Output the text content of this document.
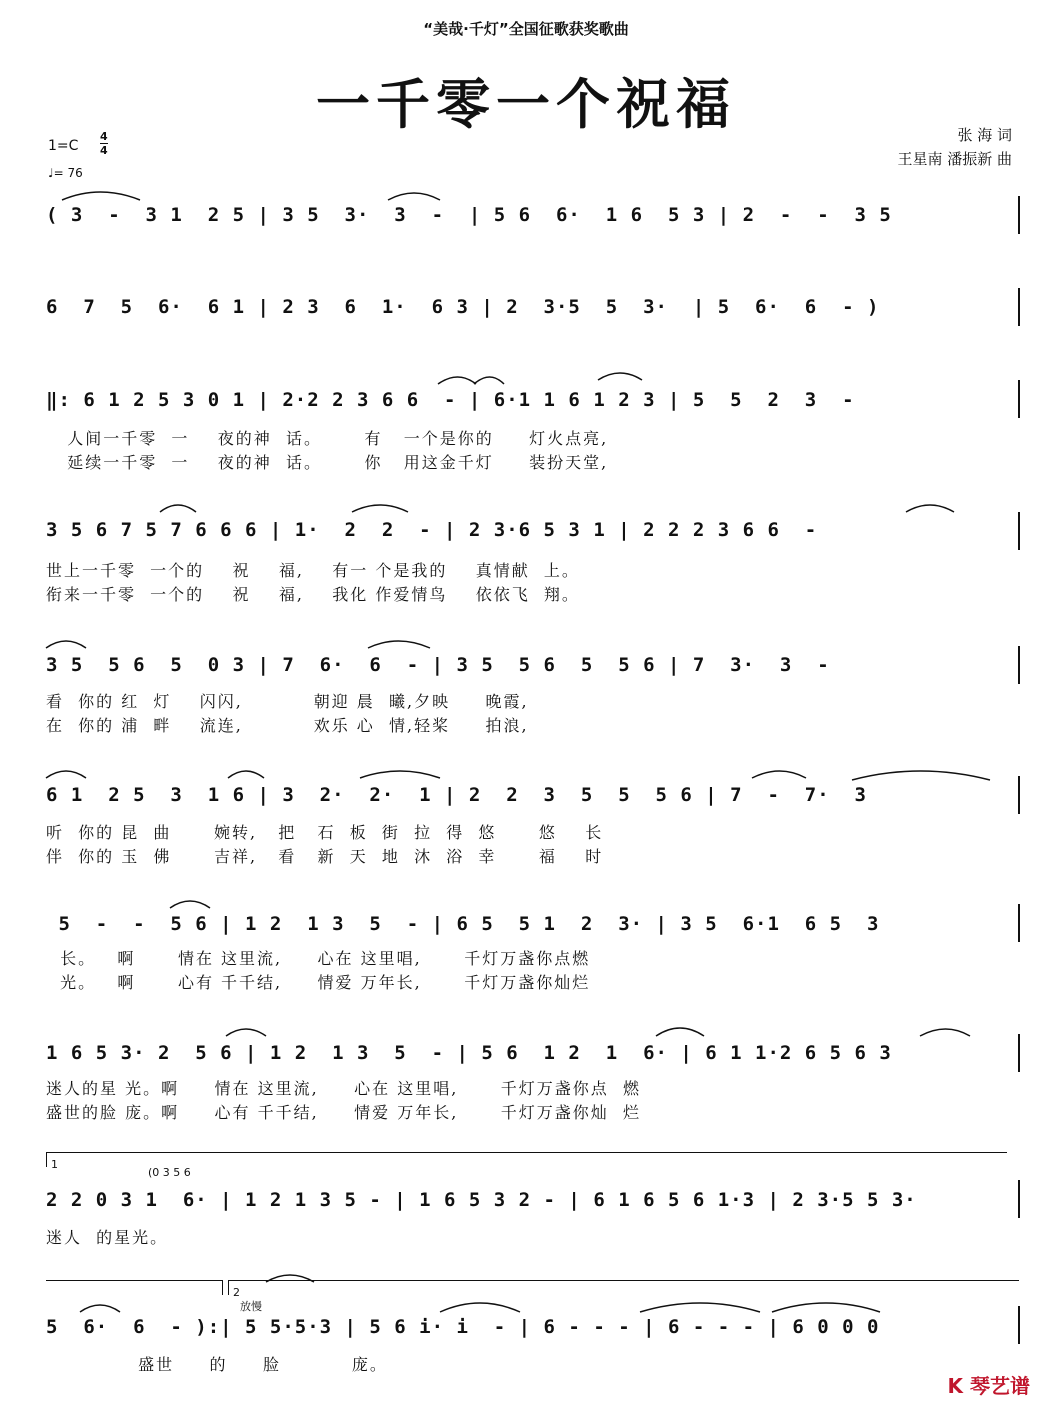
“美哉·千灯”全国征歌获奖歌曲
一千零一个祝福	张 海 词
王星南 潘振新 曲
$1=C \frac{4}{4}$
♩= 76
( 3  -  3 1  2 5 | 3 5  3·  3  -  | 5 6  6·  1 6  5 3 | 2  -  -  3 5
6  7  5  6·  6 1 | 2 3  6  1·  6 3 | 2  3·5  5  3·  | 5  6·  6  - )
‖: 6 1 2 5 3 0 1 | 2·2 2 3 6 6  - | 6·1 1 6 1 2 3 | 5  5  2  3  -
人间一千零  一    夜的神  话。      有   一个是你的     灯火点亮,
延续一千零  一    夜的神  话。      你   用这金千灯     装扮天堂,
3 5 6 7 5 7 6 6 6 | 1·  2  2  - | 2 3·6 5 3 1 | 2 2 2 3 6 6  -
世上一千零  一个的    祝    福,    有一 个是我的    真情献  上。
衔来一千零  一个的    祝    福,    我化 作爱情鸟    依依飞  翔。
3 5  5 6  5  0 3 | 7  6·  6  - | 3 5  5 6  5  5 6 | 7  3·  3  -
看  你的 红  灯    闪闪,          朝迎 晨  曦,夕映     晚霞,
在  你的 浦  畔    流连,          欢乐 心  情,轻桨     拍浪,
6 1  2 5  3  1 6 | 3  2·  2·  1 | 2  2  3  5  5  5 6 | 7  -  7·  3
听  你的 昆  曲      婉转,   把   石  板  街  拉  得  悠      悠    长
伴  你的 玉  佛      吉祥,   看   新  天  地  沐  浴  幸      福    时
5  -  -  5 6 | 1 2  1 3  5  - | 6 5  5 1  2  3· | 3 5  6·1  6 5  3
长。   啊      情在 这里流,     心在 这里唱,      千灯万盏你点燃
光。   啊      心有 千千结,     情爱 万年长,      千灯万盏你灿烂
1 6 5 3· 2  5 6 | 1 2  1 3  5  - | 5 6  1 2  1  6· | 6 1 1·2 6 5 6 3
迷人的星 光。啊     情在 这里流,     心在 这里唱,      千灯万盏你点  燃
盛世的脸 庞。啊     心有 千千结,     情爱 万年长,      千灯万盏你灿  烂
(0 3 5 6
2 2 0 3 1  6· | 1 2 1 3 5 - | 1 6 5 3 2 - | 6 1 6 5 6 1·3 | 2 3·5 5 3·
迷人  的星光。
放慢
5  6·  6  - ):| 5 5·5·3 | 5 6 i· i  - | 6 - - - | 6 - - - | 6 0 0 0
盛世     的     脸          庞。
1
2
K 琴艺谱
